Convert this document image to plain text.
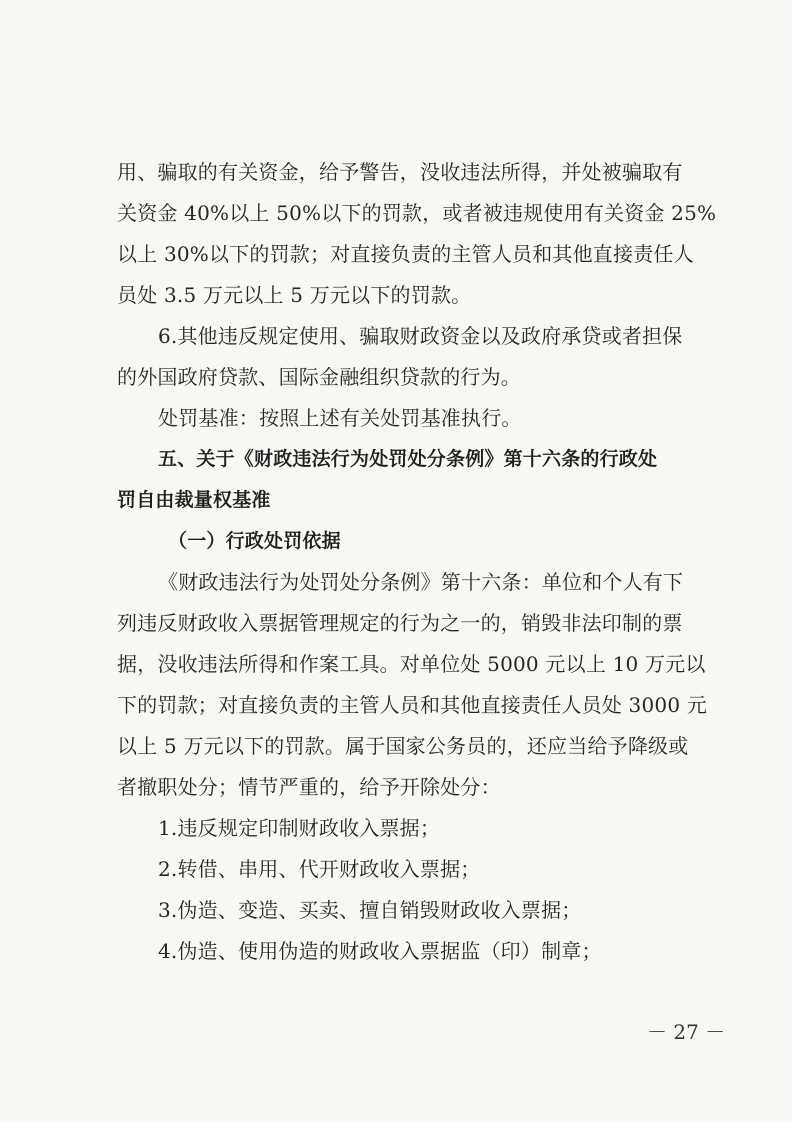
用、骗取的有关资金，给予警告，没收违法所得，并处被骗取有
关资金 40%以上 50%以下的罚款，或者被违规使用有关资金 25%
以上 30%以下的罚款；对直接负责的主管人员和其他直接责任人
员处 3.5 万元以上 5 万元以下的罚款。
6.其他违反规定使用、骗取财政资金以及政府承贷或者担保
的外国政府贷款、国际金融组织贷款的行为。
处罚基准：按照上述有关处罚基准执行。
五、关于《财政违法行为处罚处分条例》第十六条的行政处
罚自由裁量权基准
（一）行政处罚依据
《财政违法行为处罚处分条例》第十六条：单位和个人有下
列违反财政收入票据管理规定的行为之一的，销毁非法印制的票
据，没收违法所得和作案工具。对单位处 5000 元以上 10 万元以
下的罚款；对直接负责的主管人员和其他直接责任人员处 3000 元
以上 5 万元以下的罚款。属于国家公务员的，还应当给予降级或
者撤职处分；情节严重的，给予开除处分：
1.违反规定印制财政收入票据；
2.转借、串用、代开财政收入票据；
3.伪造、变造、买卖、擅自销毁财政收入票据；
4.伪造、使用伪造的财政收入票据监（印）制章；
－ 27 －
